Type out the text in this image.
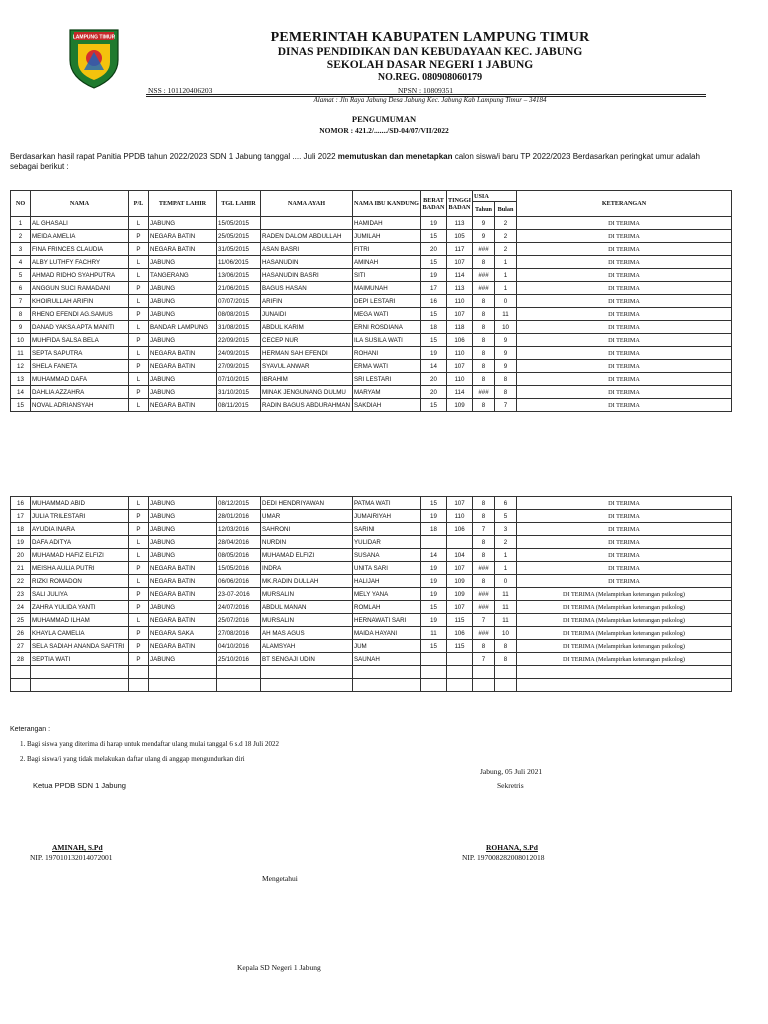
LAMPUNG TIMUR	PEMERINTAH KABUPATEN LAMPUNG TIMUR
DINAS PENDIDIKAN DAN KEBUDAYAAN KEC. JABUNG
SEKOLAH DASAR NEGERI 1 JABUNG
NO.REG. 080908060179
NSS : 101120406203	NPSN : 10809351
Alamat : Jln Raya Jabung Desa Jabung Kec. Jabung Kab Lampung Timur – 34184
PENGUMUMAN
NOMOR : 421.2/......./SD-04/07/VII/2022
Berdasarkan hasil rapat Panitia PPDB tahun 2022/2023 SDN 1 Jabung tanggal .... Juli 2022 memutuskan dan menetapkan calon siswa/i baru TP 2022/2023 Berdasarkan peringkat umur adalah sebagai berikut :
NO	NAMA	P/L	TEMPAT LAHIR	TGL LAHIR	NAMA AYAH	NAMA IBU KANDUNG	BERAT BADAN	TINGGI BADAN	USIA		KETERANGAN
									Tahun	Bulan	
1	AL GHASALI	L	JABUNG	15/05/2015		HAMIDAH	19	113	9	2	DI TERIMA
2	MEIDA AMELIA	P	NEGARA BATIN	25/05/2015	RADEN DALOM ABDULLAH	JUMILAH	15	105	9	2	DI TERIMA
3	FINA FRINCES CLAUDIA	P	NEGARA BATIN	31/05/2015	ASAN BASRI	FITRI	20	117	###	2	DI TERIMA
4	ALBY LUTHFY FACHRY	L	JABUNG	11/06/2015	HASANUDIN	AMINAH	15	107	8	1	DI TERIMA
5	AHMAD RIDHO SYAHPUTRA	L	TANGERANG	13/06/2015	HASANUDIN BASRI	SITI	19	114	###	1	DI TERIMA
6	ANGGUN SUCI RAMADANI	P	JABUNG	21/06/2015	BAGUS HASAN	MAIMUNAH	17	113	###	1	DI TERIMA
7	KHOIRULLAH ARIFIN	L	JABUNG	07/07/2015	ARIFIN	DEPI LESTARI	16	110	8	0	DI TERIMA
8	RHENO EFENDI AG.SAMUS	P	JABUNG	08/08/2015	JUNAIDI	MEGA WATI	15	107	8	11	DI TERIMA
9	DANAD YAKSA APTA MANITI	L	BANDAR LAMPUNG	31/08/2015	ABDUL KARIM	ERNI ROSDIANA	18	118	8	10	DI TERIMA
10	MUHFIDA SALSA BELA	P	JABUNG	22/09/2015	CECEP NUR	ILA SUSILA WATI	15	106	8	9	DI TERIMA
11	SEPTA SAPUTRA	L	NEGARA BATIN	24/09/2015	HERMAN SAH EFENDI	ROHANI	19	110	8	9	DI TERIMA
12	SHELA FANETA	P	NEGARA BATIN	27/09/2015	SYAVUL ANWAR	ERMA WATI	14	107	8	9	DI TERIMA
13	MUHAMMAD DAFA	L	JABUNG	07/10/2015	IBRAHIM	SRI LESTARI	20	110	8	8	DI TERIMA
14	DAHLIA AZZAHRA	P	JABUNG	31/10/2015	MINAK JENGUNANG DULMU	MARYAM	20	114	###	8	DI TERIMA
15	NOVAL ADRIANSYAH	L	NEGARA BATIN	08/11/2015	RADIN BAGUS ABDURAHMAN	SAKDIAH	15	109	8	7	DI TERIMA
16	MUHAMMAD ABID	L	JABUNG	08/12/2015	DEDI HENDRIYAWAN	PATMA WATI	15	107	8	6	DI TERIMA
17	JULIA TRILESTARI	P	JABUNG	28/01/2016	UMAR	JUMAIRIYAH	19	110	8	5	DI TERIMA
18	AYUDIA INARA	P	JABUNG	12/03/2016	SAHRONI	SARINI	18	106	7	3	DI TERIMA
19	DAFA ADITYA	L	JABUNG	28/04/2016	NURDIN	YULIDAR			8	2	DI TERIMA
20	MUHAMAD HAFIZ ELFIZI	L	JABUNG	08/05/2016	MUHAMAD ELFIZI	SUSANA	14	104	8	1	DI TERIMA
21	MEISHA AULIA PUTRI	P	NEGARA BATIN	15/05/2016	INDRA	UNITA SARI	19	107	###	1	DI TERIMA
22	RIZKI ROMADON	L	NEGARA BATIN	06/06/2016	MK.RADIN DULLAH	HALIJAH	19	109	8	0	DI TERIMA
23	SALI JULIYA	P	NEGARA BATIN	23-07-2016	MURSALIN	MELY YANA	19	109	###	11	DI TERIMA (Melampirkan keterangan psikolog)
24	ZAHRA YULIDA YANTI	P	JABUNG	24/07/2016	ABDUL MANAN	ROMLAH	15	107	###	11	DI TERIMA (Melampirkan keterangan psikolog)
25	MUHAMMAD ILHAM	L	NEGARA BATIN	25/07/2016	MURSALIN	HERNAWATI SARI	19	115	7	11	DI TERIMA (Melampirkan keterangan psikolog)
26	KHAYLA CAMELIA	P	NEGARA SAKA	27/08/2016	AH MAS AGUS	MAIDA HAYANI	11	106	###	10	DI TERIMA (Melampirkan keterangan psikolog)
27	SELA SADIAH ANANDA SAFITRI	P	NEGARA BATIN	04/10/2016	ALAMSYAH	JUM	15	115	8	8	DI TERIMA (Melampirkan keterangan psikolog)
28	SEPTIA WATI	P	JABUNG	25/10/2016	BT SENGAJI UDIN	SAUNAH			7	8	DI TERIMA (Melampirkan keterangan psikolog)

Keterangan :
1. Bagi siswa yang diterima di harap untuk mendaftar ulang mulai tanggal 6 s.d 18 Juli 2022
2. Bagi siswa/i yang tidak melakukan daftar ulang di anggap mengundurkan diri
Jabung, 05 Juli 2021
Ketua PPDB SDN 1 Jabung	Sekretris
AMINAH, S.Pd
NIP. 197010132014072001
ROHANA, S.Pd
NIP. 197008282008012018
Mengetahui
Kepala SD Negeri 1 Jabung
